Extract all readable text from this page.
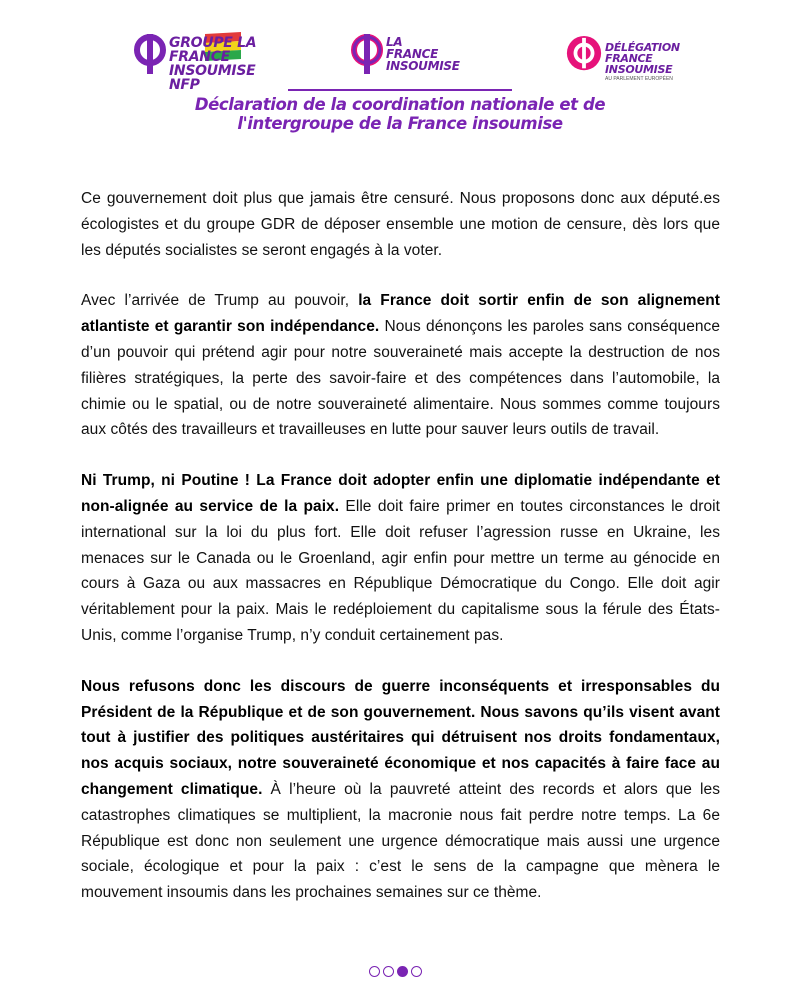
GROUPE LA
FRANCE
INSOUMISE NFP
LA
FRANCE
INSOUMISE
DÉLÉGATION
FRANCE
INSOUMISE
AU PARLEMENT EUROPÉEN
Déclaration de la coordination nationale et de l'intergroupe de la France insoumise

Ce gouvernement doit plus que jamais être censuré. Nous proposons donc aux député.es écologistes et du groupe GDR de déposer ensemble une motion de censure, dès lors que les députés socialistes se seront engagés à la voter.

Avec l’arrivée de Trump au pouvoir, la France doit sortir enfin de son alignement atlantiste et garantir son indépendance. Nous dénonçons les paroles sans conséquence d’un pouvoir qui prétend agir pour notre souveraineté mais accepte la destruction de nos filières stratégiques, la perte des savoir-faire et des compétences dans l’automobile, la chimie ou le spatial, ou de notre souveraineté alimentaire. Nous sommes comme toujours aux côtés des travailleurs et travailleuses en lutte pour sauver leurs outils de travail.

Ni Trump, ni Poutine ! La France doit adopter enfin une diplomatie indépendante et non-alignée au service de la paix. Elle doit faire primer en toutes circonstances le droit international sur la loi du plus fort. Elle doit refuser l’agression russe en Ukraine, les menaces sur le Canada ou le Groenland, agir enfin pour mettre un terme au génocide en cours à Gaza ou aux massacres en République Démocratique du Congo. Elle doit agir véritablement pour la paix. Mais le redéploiement du capitalisme sous la férule des États-Unis, comme l’organise Trump, n’y conduit certainement pas.

Nous refusons donc les discours de guerre inconséquents et irresponsables du Président de la République et de son gouvernement. Nous savons qu’ils visent avant tout à justifier des politiques austéritaires qui détruisent nos droits fondamentaux, nos acquis sociaux, notre souveraineté économique et nos capacités à faire face au changement climatique. À l’heure où la pauvreté atteint des records et alors que les catastrophes climatiques se multiplient, la macronie nous fait perdre notre temps. La 6e République est donc non seulement une urgence démocratique mais aussi une urgence sociale, écologique et pour la paix : c’est le sens de la campagne que mènera le mouvement insoumis dans les prochaines semaines sur ce thème.
